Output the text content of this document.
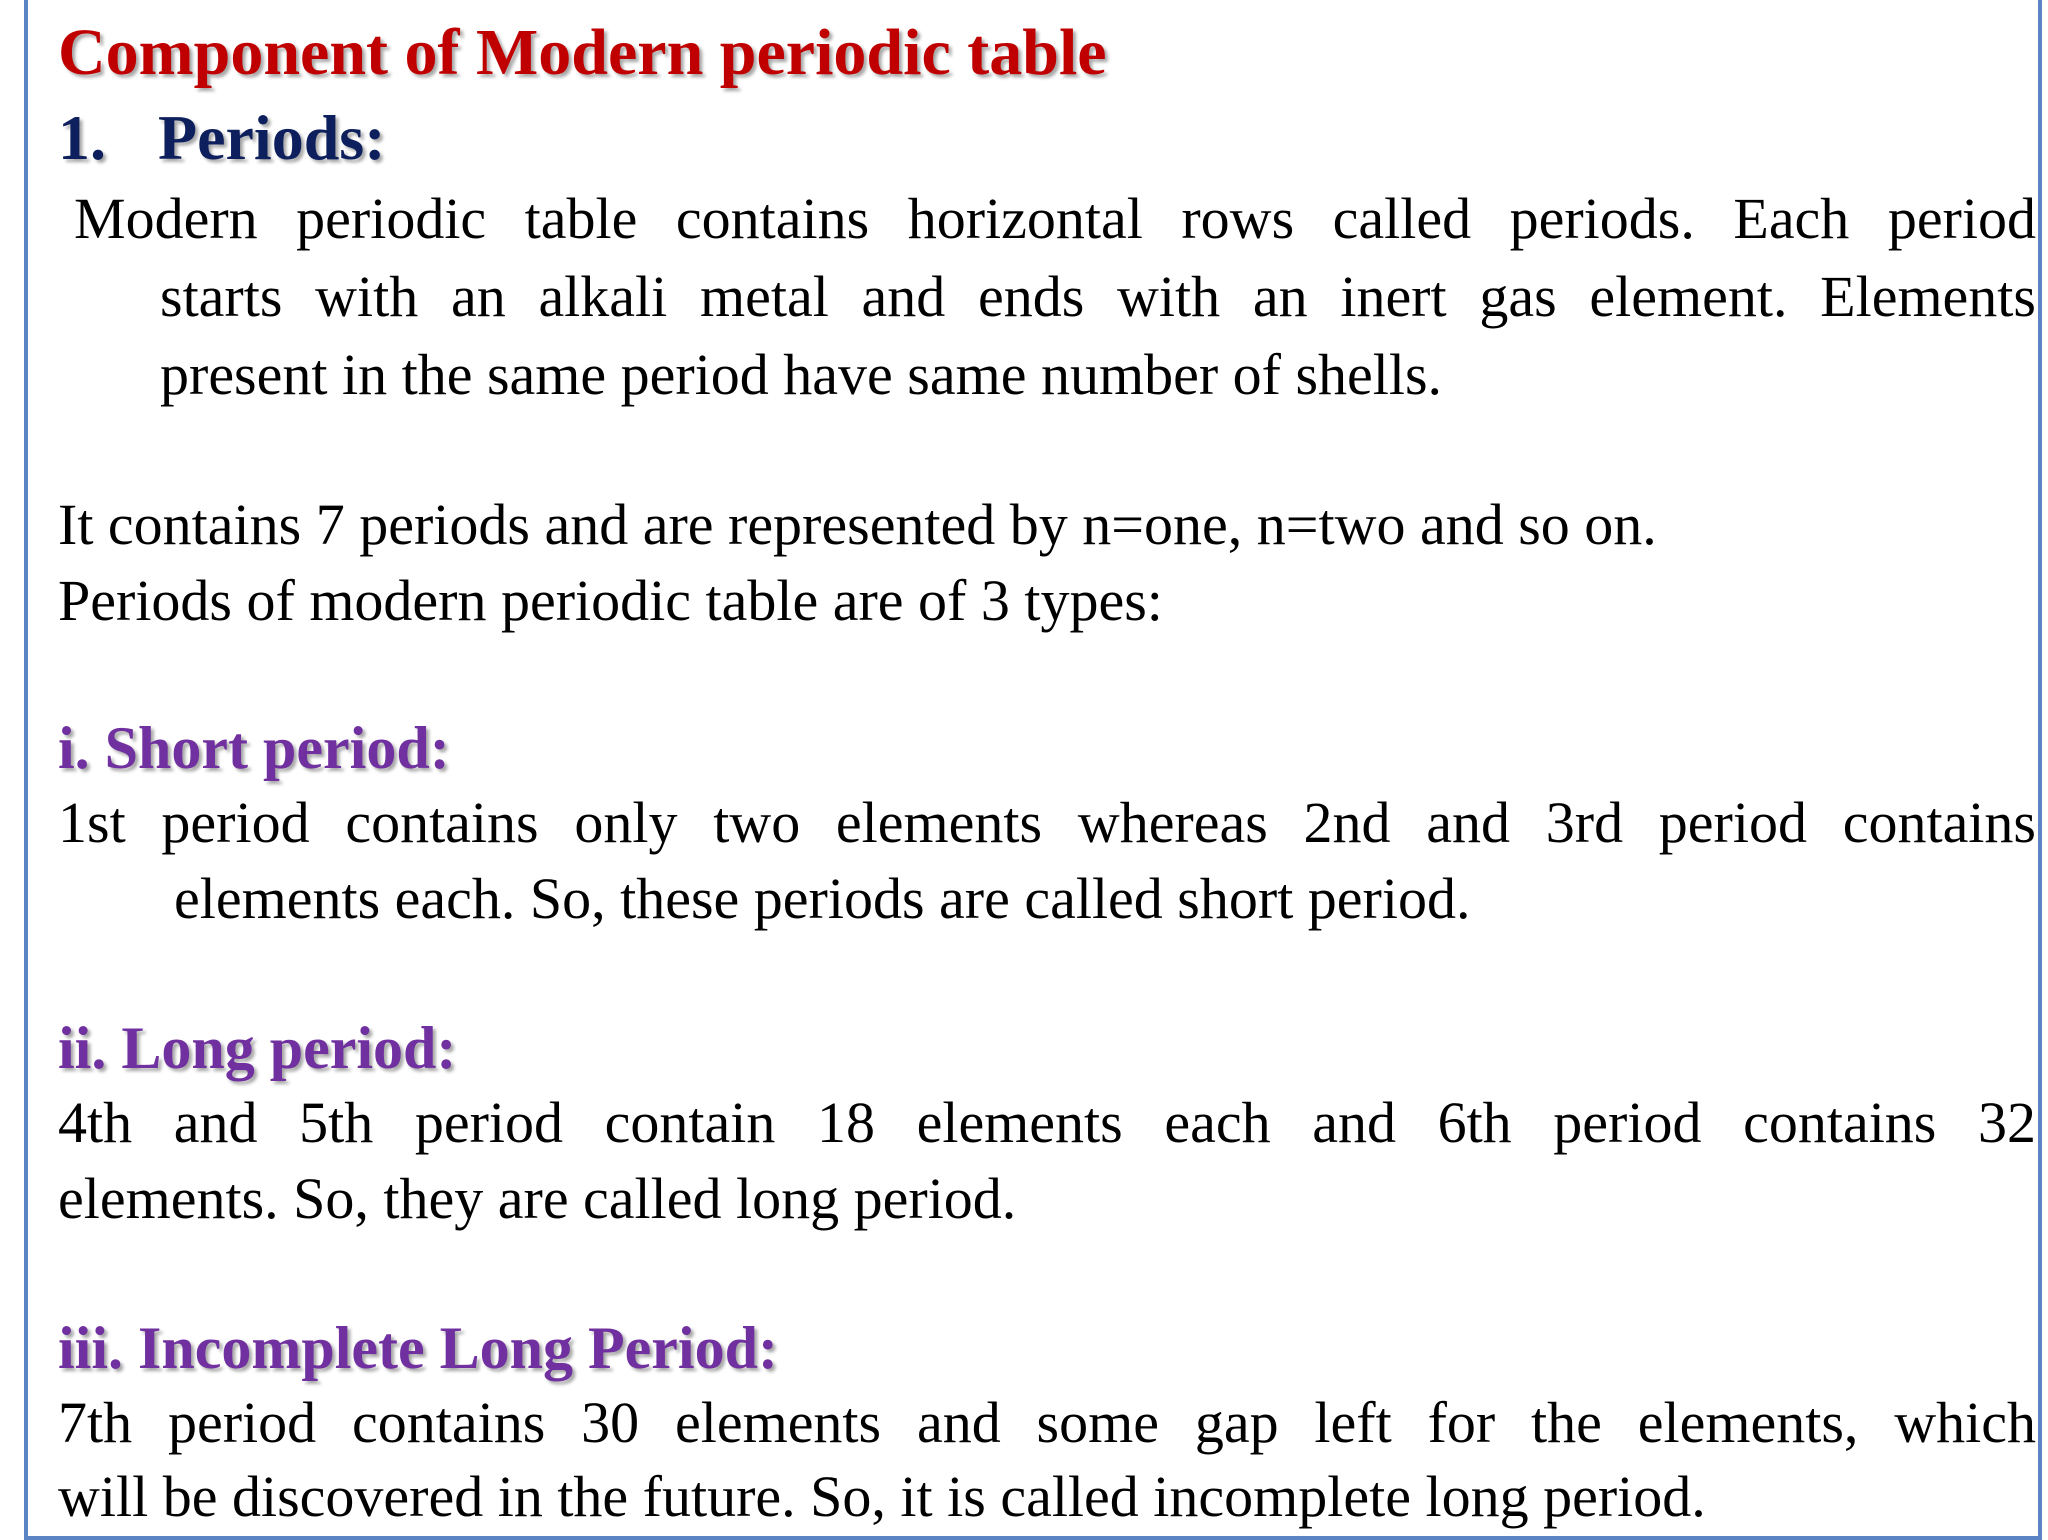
Component of Modern periodic table
1. Periods:
Modern periodic table contains horizontal rows called periods. Each period
starts with an alkali metal and ends with an inert gas element. Elements
present in the same period have same number of shells.
It contains 7 periods and are represented by n=one, n=two and so on.
Periods of modern periodic table are of 3 types:
i. Short period:
1st period contains only two elements whereas 2nd and 3rd period contains
elements each. So, these periods are called short period.
ii. Long period:
4th and 5th period contain 18 elements each and 6th period contains 32
elements. So, they are called long period.
iii. Incomplete Long Period:
7th period contains 30 elements and some gap left for the elements, which
will be discovered in the future. So, it is called incomplete long period.
